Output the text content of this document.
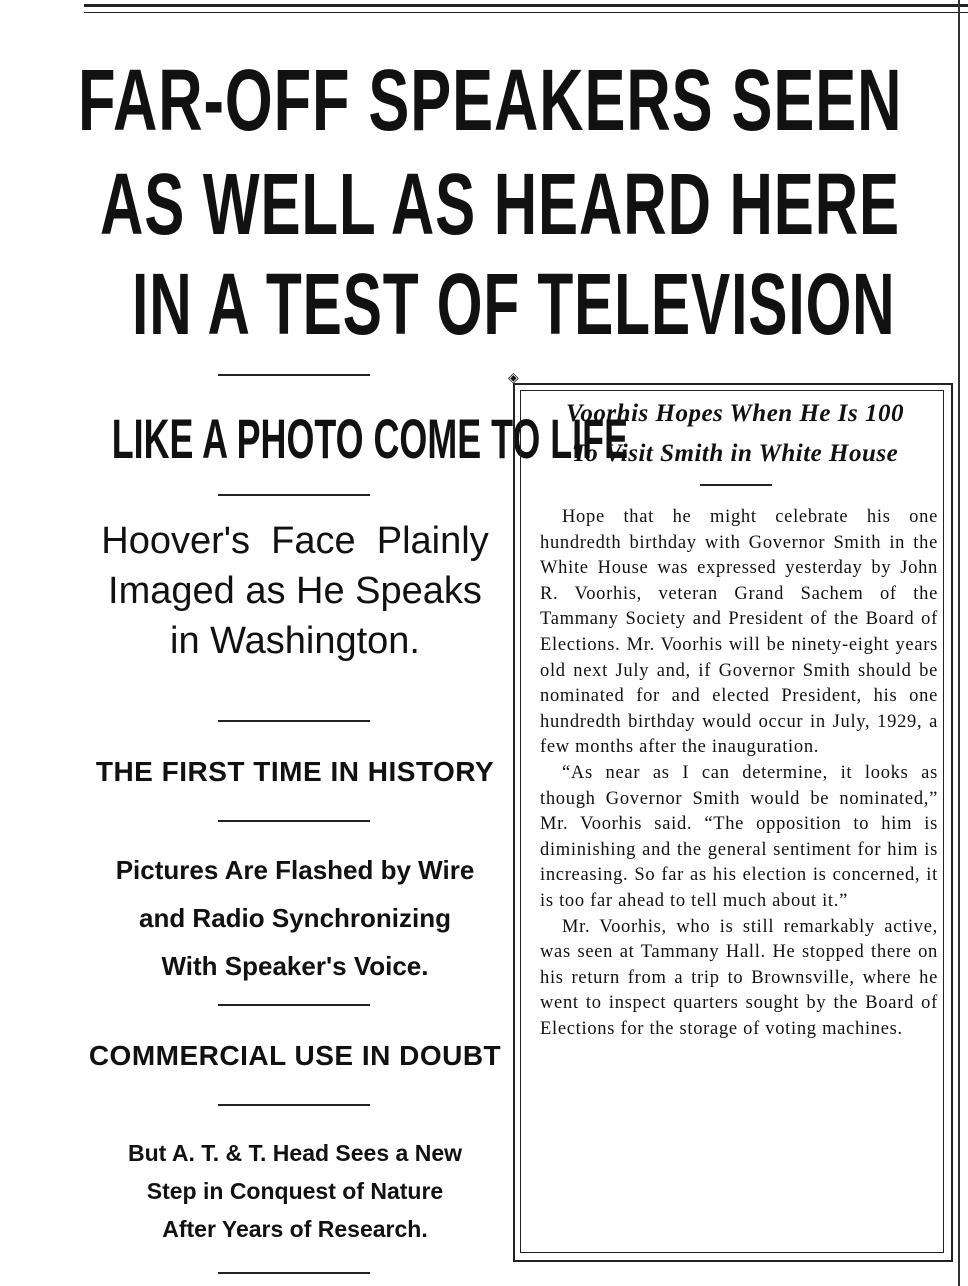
FAR-OFF SPEAKERS SEEN
AS WELL AS HEARD HERE
IN A TEST OF TELEVISION
LIKE A PHOTO COME TO LIFE
Hoover's  Face  Plainly
Imaged as He Speaks
in Washington.
THE FIRST TIME IN HISTORY
Pictures Are Flashed by Wire
and Radio Synchronizing
With Speaker's Voice.
COMMERCIAL USE IN DOUBT
But A. T. & T. Head Sees a New
Step in Conquest of Nature
After Years of Research.
◈
Voorhis Hopes When He Is 100
To Visit Smith in White House

Hope that he might celebrate his one hundredth birthday with Governor Smith in the White House was expressed yesterday by John R. Voorhis, veteran Grand Sachem of the Tammany Society and President of the Board of Elections. Mr. Voorhis will be ninety-eight years old next July and, if Governor Smith should be nominated for and elected President, his one hundredth birthday would occur in July, 1929, a few months after the inauguration.

“As near as I can determine, it looks as though Governor Smith would be nominated,” Mr. Voorhis said. “The opposition to him is diminishing and the general sentiment for him is increasing. So far as his election is concerned, it is too far ahead to tell much about it.”

Mr. Voorhis, who is still remarkably active, was seen at Tammany Hall. He stopped there on his return from a trip to Brownsville, where he went to inspect quarters sought by the Board of Elections for the storage of voting machines.
